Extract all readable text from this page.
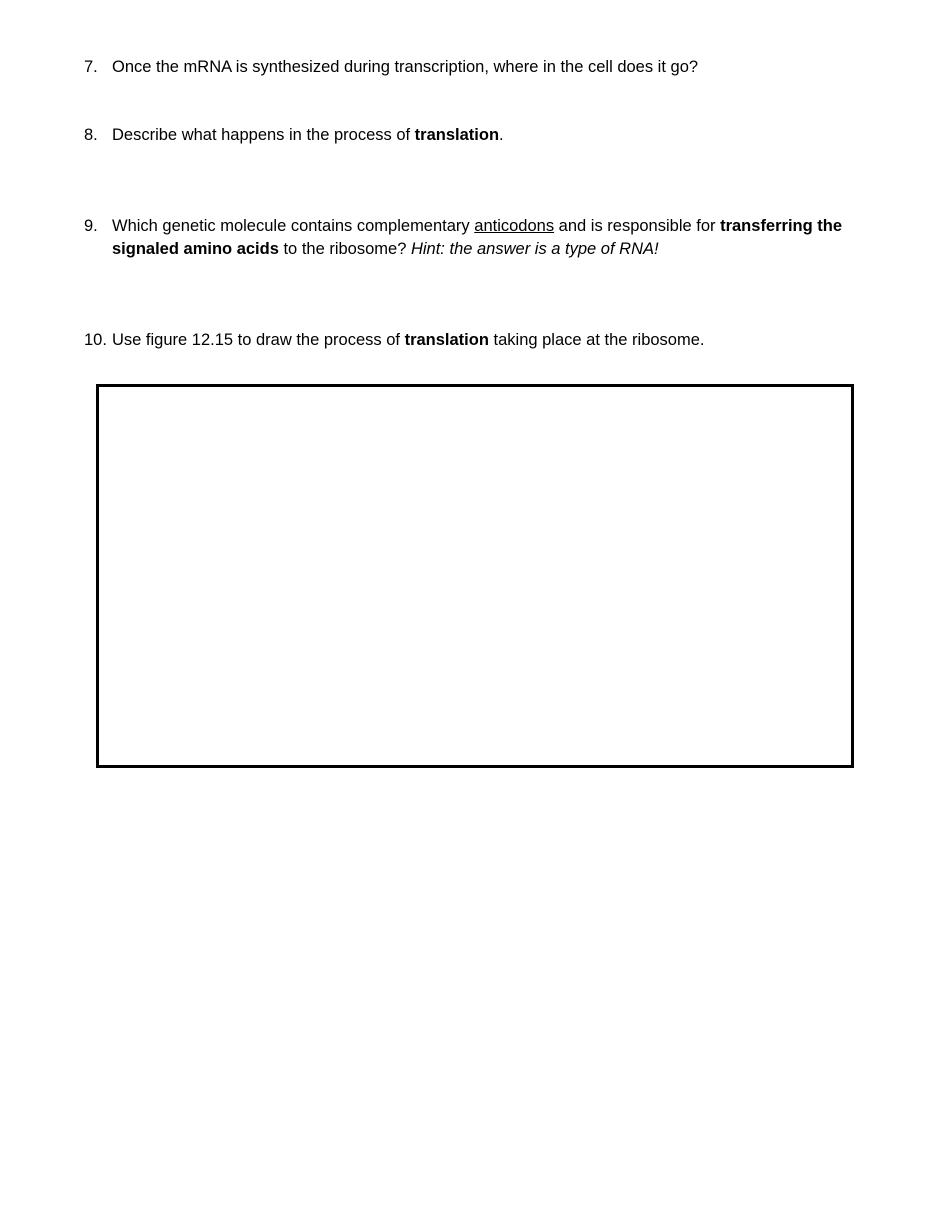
7. Once the mRNA is synthesized during transcription, where in the cell does it go?
8. Describe what happens in the process of translation.
9. Which genetic molecule contains complementary anticodons and is responsible for transferring the signaled amino acids to the ribosome? Hint: the answer is a type of RNA!
10. Use figure 12.15 to draw the process of translation taking place at the ribosome.
